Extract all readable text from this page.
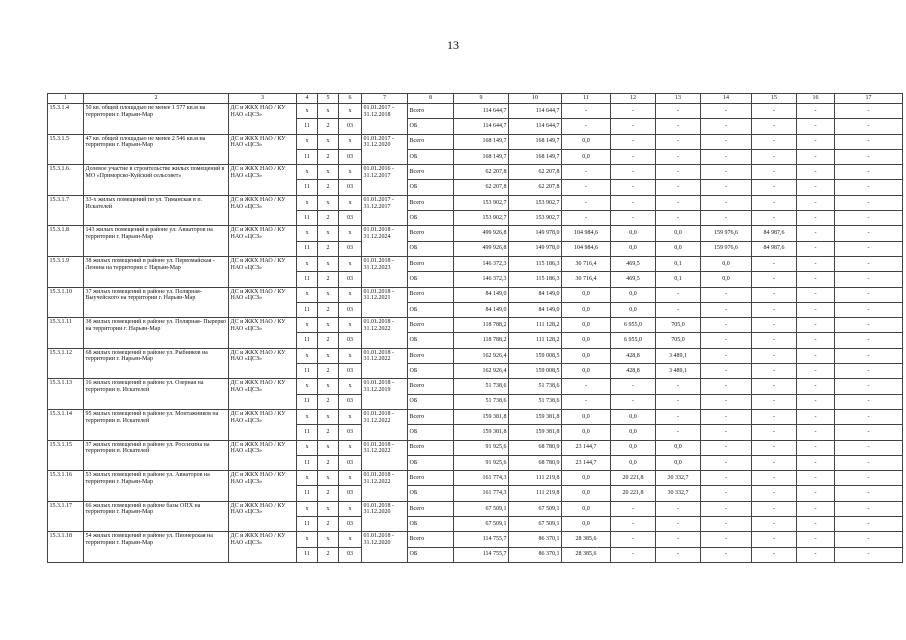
13
1	2	3	4	5	6	7	8	9	10	11	12	13	14	15	16	17
15.3.1.4	50 кв. общей площадью не менее 1 577 кв.м на территории г. Нарьян-Мар	ДС и ЖКХ НАО / КУ НАО «ЦСЗ»	х	х	х	01.01.2017 - 31.12.2018	Всего	114 644,7	114 644,7	-	-	-	-	-	-	-
			11	2	03		ОБ	114 644,7	114 644,7	-	-	-	-	-	-	-
15.3.1.5	47 кв. общей площадью не менее 2 546 кв.м на территории г. Нарьян-Мар	ДС и ЖКХ НАО / КУ НАО «ЦСЗ»	х	х	х	01.01.2017 - 31.12.2020	Всего	168 149,7	168 149,7	0,0	-	-	-	-	-	-
			11	2	03		ОБ	168 149,7	168 149,7	0,0	-	-	-	-	-	-
15.3.1.6.	Долевое участие в строительстве жилых помещений в МО «Приморско-Куйский сельсовет»	ДС и ЖКХ НАО / КУ НАО «ЦСЗ»	х	х	х	01.01.2016 - 31.12.2017	Всего	62 207,8	62 207,8	-	-	-	-	-	-	-
			11	2	03		ОБ	62 207,8	62 207,8	-	-	-	-	-	-	-
15.3.1.7	33-х жилых помещений по ул. Тиманская в п. Искателей	ДС и ЖКХ НАО / КУ НАО «ЦСЗ»	х	х	х	01.01.2017 - 31.12.2017	Всего	153 902,7	153 902,7	-	-	-	-	-	-	-
			11	2	03		ОБ	153 902,7	153 902,7	-	-	-	-	-	-	-
15.3.1.8	143 жилых помещений в районе ул. Авиаторов на территории г. Нарьян-Мар	ДС и ЖКХ НАО / КУ НАО «ЦСЗ»	х	х	х	01.01.2018 - 31.12.2024	Всего	499 926,8	149 978,0	104 984,6	0,0	0,0	159 976,6	84 987,6	-	-
			11	2	03		ОБ	499 926,8	149 978,0	104 984,6	0,0	0,0	159 976,6	84 987,6	-	-
15.3.1.9	38 жилых помещений в районе ул. Первомайская - Ленина на территории г. Нарьян-Мар	ДС и ЖКХ НАО / КУ НАО «ЦСЗ»	х	х	х	01.01.2018 - 31.12.2023	Всего	146 372,3	115 186,3	30 716,4	469,5	0,1	0,0	-	-	-
			11	2	03		ОБ	146 372,3	115 186,3	30 716,4	469,5	0,1	0,0	-	-	-
15.3.1.10	37 жилых помещений в районе ул. Полярная- Выучейского на территории г. Нарьян-Мар	ДС и ЖКХ НАО / КУ НАО «ЦСЗ»	х	х	х	01.01.2018 - 31.12.2021	Всего	84 149,0	84 149,0	0,0	0,0	-	-	-	-	-
			11	2	03		ОБ	84 149,0	84 149,0	0,0	0,0	-	-	-	-	-
15.3.1.11	38 жилых помещений в районе ул. Полярная- Пырерко на территории г. Нарьян-Мар	ДС и ЖКХ НАО / КУ НАО «ЦСЗ»	х	х	х	01.01.2018 - 31.12.2022	Всего	118 788,2	111 128,2	0,0	6 955,0	705,0	-	-	-	-
			11	2	03		ОБ	118 788,2	111 128,2	0,0	6 955,0	705,0	-	-	-	-
15.3.1.12	68 жилых помещений в районе ул. Рыбников на территории г. Нарьян-Мар	ДС и ЖКХ НАО / КУ НАО «ЦСЗ»	х	х	х	01.01.2018 - 31.12.2022	Всего	162 926,4	159 008,5	0,0	428,8	3 489,1	-	-	-	-
			11	2	03		ОБ	162 926,4	159 008,5	0,0	428,8	3 489,1	-	-	-	-
15.3.1.13	16 жилых помещений в районе ул. Озерная на территории п. Искателей	ДС и ЖКХ НАО / КУ НАО «ЦСЗ»	х	х	х	01.01.2018 - 31.12.2019	Всего	51 738,6	51 738,6	-	-	-	-	-	-	-
			11	2	03		ОБ	51 738,6	51 738,6	-	-	-	-	-	-	-
15.3.1.14	95 жилых помещений в районе ул. Монтажников на территории п. Искателей	ДС и ЖКХ НАО / КУ НАО «ЦСЗ»	х	х	х	01.01.2018 - 31.12.2022	Всего	159 381,8	159 381,8	0,0	0,0	-	-	-	-	-
			11	2	03		ОБ	159 381,8	159 381,8	0,0	0,0	-	-	-	-	-
15.3.1.15	37 жилых помещений в районе ул. Россихина на территории п. Искателей	ДС и ЖКХ НАО / КУ НАО «ЦСЗ»	х	х	х	01.01.2018 - 31.12.2022	Всего	91 925,6	68 780,9	23 144,7	0,0	0,0	-	-	-	-
			11	2	03		ОБ	91 925,6	68 780,9	23 144,7	0,0	0,0	-	-	-	-
15.3.1.16	53 жилых помещений в районе ул. Авиаторов на территории г. Нарьян-Мар	ДС и ЖКХ НАО / КУ НАО «ЦСЗ»	х	х	х	01.01.2018 - 31.12.2022	Всего	161 774,3	111 219,8	0,0	20 221,8	30 332,7	-	-	-	-
			11	2	03		ОБ	161 774,3	111 219,8	0,0	20 221,8	30 332,7	-	-	-	-
15.3.1.17	66 жилых помещений в районе базы ОПХ на территории г. Нарьян-Мар	ДС и ЖКХ НАО / КУ НАО «ЦСЗ»	х	х	х	01.01.2018 - 31.12.2020	Всего	67 509,1	67 509,1	0,0	-	-	-	-	-	-
			11	2	03		ОБ	67 509,1	67 509,1	0,0	-	-	-	-	-	-
15.3.1.18	54 жилых помещений в районе ул. Пионерская на территории г. Нарьян-Мар	ДС и ЖКХ НАО / КУ НАО «ЦСЗ»	х	х	х	01.01.2018 - 31.12.2020	Всего	114 755,7	86 370,1	28 385,6	-	-	-	-	-	-
			11	2	03		ОБ	114 755,7	86 370,1	28 385,6	-	-	-	-	-	-
